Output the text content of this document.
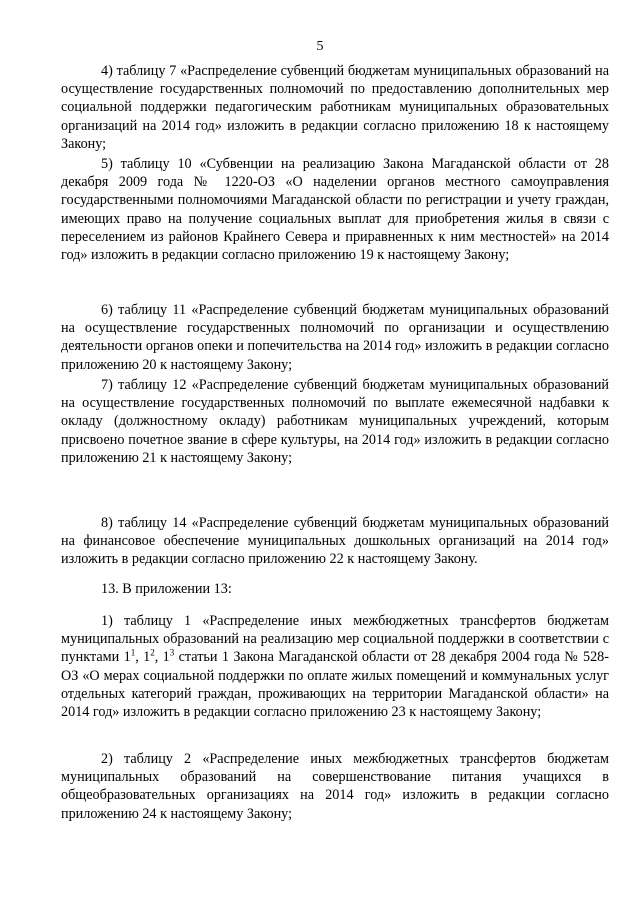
5

4) таблицу 7 «Распределение субвенций бюджетам муниципальных образований на осуществление государственных полномочий по предоставлению дополнительных мер социальной поддержки педагогическим работникам муниципальных образовательных организаций на 2014 год» изложить в редакции согласно приложению 18 к настоящему Закону;

5) таблицу 10 «Субвенции на реализацию Закона Магаданской области от 28 декабря 2009 года № 1220-ОЗ «О наделении органов местного самоуправления государственными полномочиями Магаданской области по регистрации и учету граждан, имеющих право на получение социальных выплат для приобретения жилья в связи с переселением из районов Крайнего Севера и приравненных к ним местностей» на 2014 год» изложить в редакции согласно приложению 19 к настоящему Закону;

6) таблицу 11 «Распределение субвенций бюджетам муниципальных образований на осуществление государственных полномочий по организации и осуществлению деятельности органов опеки и попечительства на 2014 год» изложить в редакции согласно приложению 20 к настоящему Закону;

7) таблицу 12 «Распределение субвенций бюджетам муниципальных образований на осуществление государственных полномочий по выплате ежемесячной надбавки к окладу (должностному окладу) работникам муниципальных учреждений, которым присвоено почетное звание в сфере культуры, на 2014 год» изложить в редакции согласно приложению 21 к настоящему Закону;

8) таблицу 14 «Распределение субвенций бюджетам муниципальных образований на финансовое обеспечение муниципальных дошкольных организаций на 2014 год» изложить в редакции согласно приложению 22 к настоящему Закону.

13. В приложении 13:

1) таблицу 1 «Распределение иных межбюджетных трансфертов бюджетам муниципальных образований на реализацию мер социальной поддержки в соответствии с пунктами $1^1$, $1^2$, $1^3$ статьи 1 Закона Магаданской области от 28 декабря 2004 года № 528-ОЗ «О мерах социальной поддержки по оплате жилых помещений и коммунальных услуг отдельных категорий граждан, проживающих на территории Магаданской области» на 2014 год» изложить в редакции согласно приложению 23 к настоящему Закону;

2) таблицу 2 «Распределение иных межбюджетных трансфертов бюджетам муниципальных образований на совершенствование питания учащихся в общеобразовательных организациях на 2014 год» изложить в редакции согласно приложению 24 к настоящему Закону;
